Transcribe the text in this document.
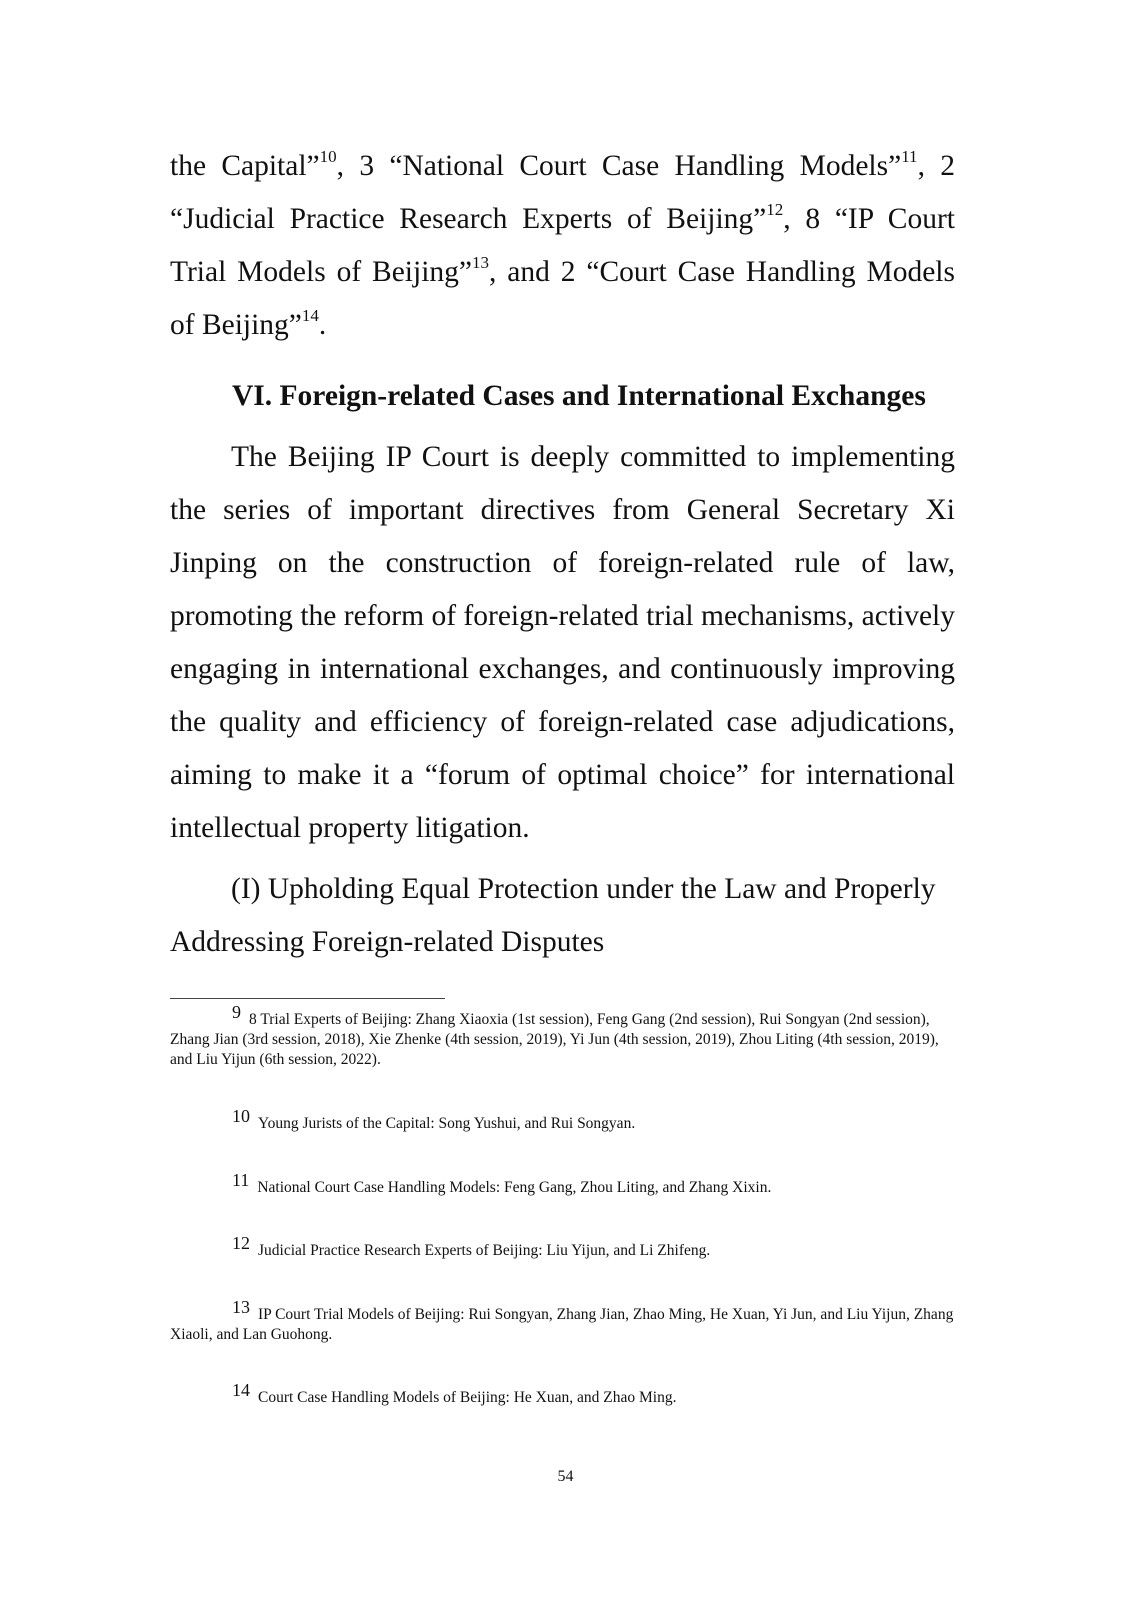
the Capital”$^{10}$, 3 “National Court Case Handling Models”$^{11}$, 2 “Judicial Practice Research Experts of Beijing”$^{12}$, 8 “IP Court Trial Models of Beijing”$^{13}$, and 2 “Court Case Handling Models of Beijing”$^{14}$.

VI. Foreign-related Cases and International Exchanges

The Beijing IP Court is deeply committed to implementing the series of important directives from General Secretary Xi Jinping on the construction of foreign-related rule of law, promoting the reform of foreign-related trial mechanisms, actively engaging in international exchanges, and continuously improving the quality and efficiency of foreign-related case adjudications, aiming to make it a “forum of optimal choice” for international intellectual property litigation.

(I) Upholding Equal Protection under the Law and Properly Addressing Foreign-related Disputes

9 8 Trial Experts of Beijing: Zhang Xiaoxia (1st session), Feng Gang (2nd session), Rui Songyan (2nd session), Zhang Jian (3rd session, 2018), Xie Zhenke (4th session, 2019), Yi Jun (4th session, 2019), Zhou Liting (4th session, 2019), and Liu Yijun (6th session, 2022).

10 Young Jurists of the Capital: Song Yushui, and Rui Songyan.

11 National Court Case Handling Models: Feng Gang, Zhou Liting, and Zhang Xixin.

12 Judicial Practice Research Experts of Beijing: Liu Yijun, and Li Zhifeng.

13 IP Court Trial Models of Beijing: Rui Songyan, Zhang Jian, Zhao Ming, He Xuan, Yi Jun, and Liu Yijun, Zhang Xiaoli, and Lan Guohong.

14 Court Case Handling Models of Beijing: He Xuan, and Zhao Ming.

54
